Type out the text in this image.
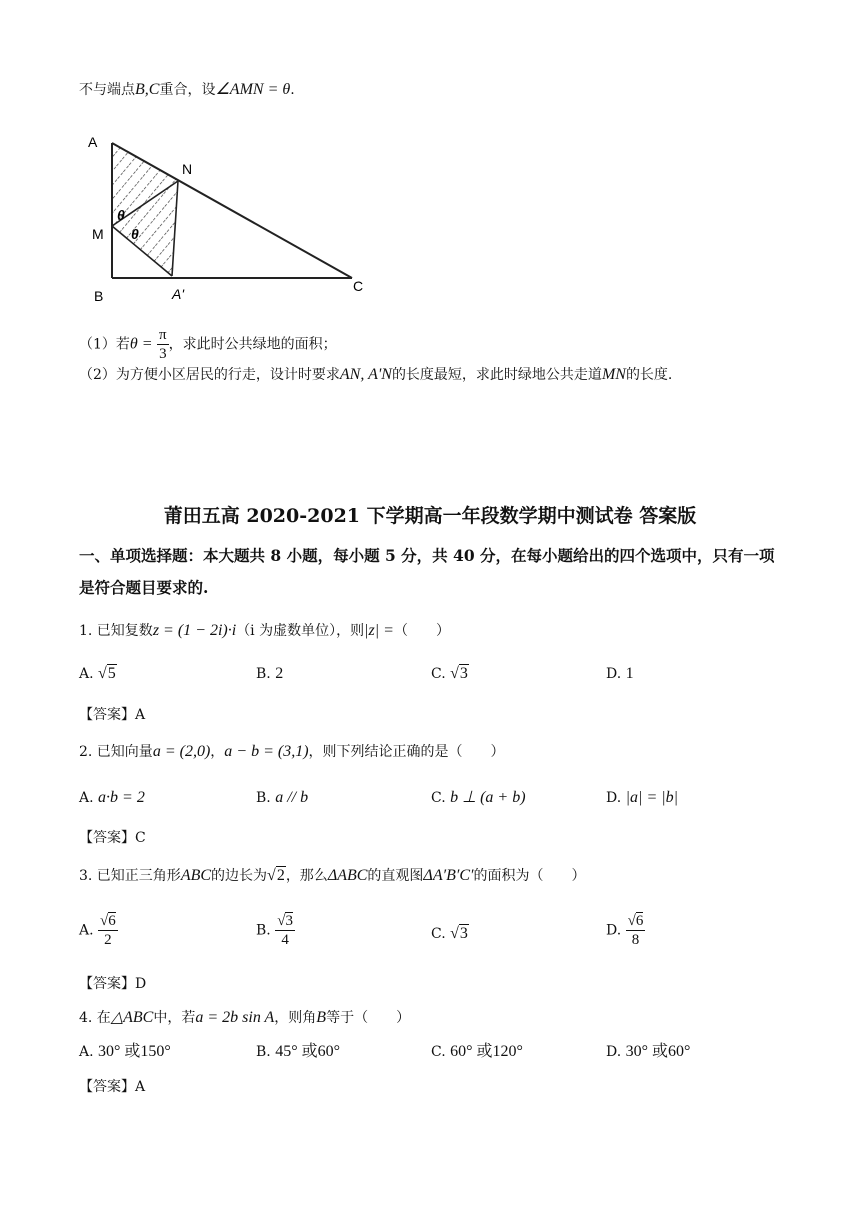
不与端点B,C重合，设∠AMN = θ.
A
N
M
B	A'	C
θ
θ
（1）若$\theta = \frac{\pi}{3}$ ，求此时公共绿地的面积；
（2）为方便小区居民的行走，设计时要求AN, A'N的长度最短，求此时绿地公共走道MN的长度.
莆田五高 2020-2021 下学期高一年段数学期中测试卷 答案版
一、单项选择题：本大题共 8 小题，每小题 5 分，共 40 分，在每小题给出的四个选项中，只有一项是符合题目要求的.
1. 已知复数z = (1 − 2i)·i（i 为虚数单位），则|z| =（　　）
A. √5	B. 2	C. √3	D. 1
【答案】A
2. 已知向量a = (2,0)，a − b = (3,1)，则下列结论正确的是（　　）
A. a·b = 2	B. a // b	C. b ⊥ (a + b)	D. |a| = |b|
【答案】C
3. 已知正三角形ABC的边长为√2，那么ΔABC的直观图ΔA′B′C′的面积为（　　）
A. $\frac{√6}{2}$	B. $\frac{√3}{4}$	C. √3	D. $\frac{√6}{8}$
【答案】D
4. 在△ABC中，若a = 2b sin A，则角B等于（　　）
A. 30° 或150°	B. 45° 或60°	C. 60° 或120°	D. 30° 或60°
【答案】A
